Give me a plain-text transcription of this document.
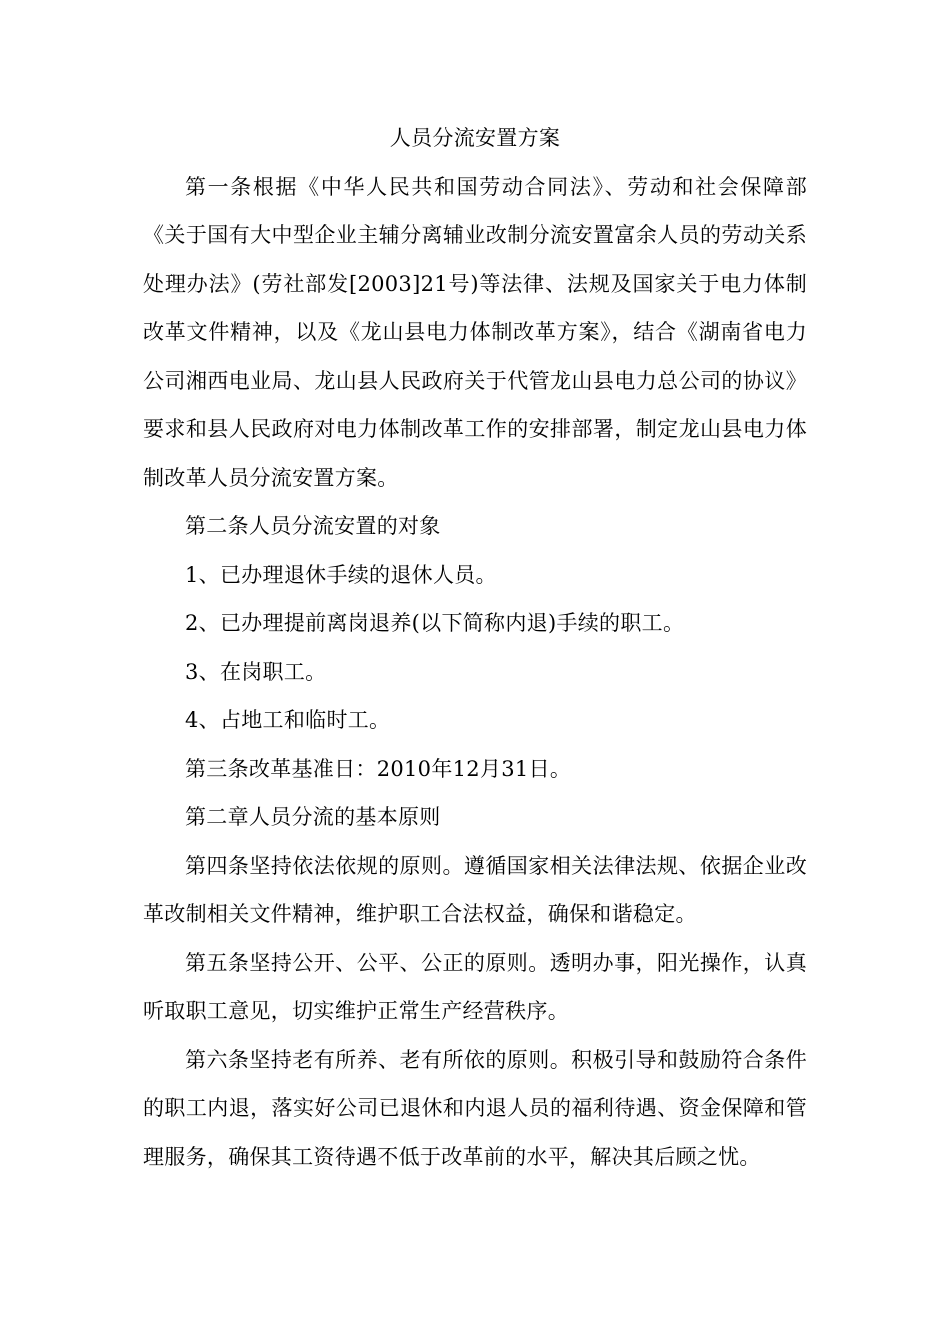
人员分流安置方案

第一条根据《中华人民共和国劳动合同法》、劳动和社会保障部《关于国有大中型企业主辅分离辅业改制分流安置富余人员的劳动关系处理办法》(劳社部发[2003]21号)等法律、法规及国家关于电力体制改革文件精神，以及《龙山县电力体制改革方案》，结合《湖南省电力公司湘西电业局、龙山县人民政府关于代管龙山县电力总公司的协议》要求和县人民政府对电力体制改革工作的安排部署，制定龙山县电力体制改革人员分流安置方案。

第二条人员分流安置的对象

1、已办理退休手续的退休人员。

2、已办理提前离岗退养(以下简称内退)手续的职工。

3、在岗职工。

4、占地工和临时工。

第三条改革基准日：2010年12月31日。

第二章人员分流的基本原则

第四条坚持依法依规的原则。遵循国家相关法律法规、依据企业改革改制相关文件精神，维护职工合法权益，确保和谐稳定。

第五条坚持公开、公平、公正的原则。透明办事，阳光操作，认真听取职工意见，切实维护正常生产经营秩序。

第六条坚持老有所养、老有所依的原则。积极引导和鼓励符合条件的职工内退，落实好公司已退休和内退人员的福利待遇、资金保障和管理服务，确保其工资待遇不低于改革前的水平，解决其后顾之忧。
